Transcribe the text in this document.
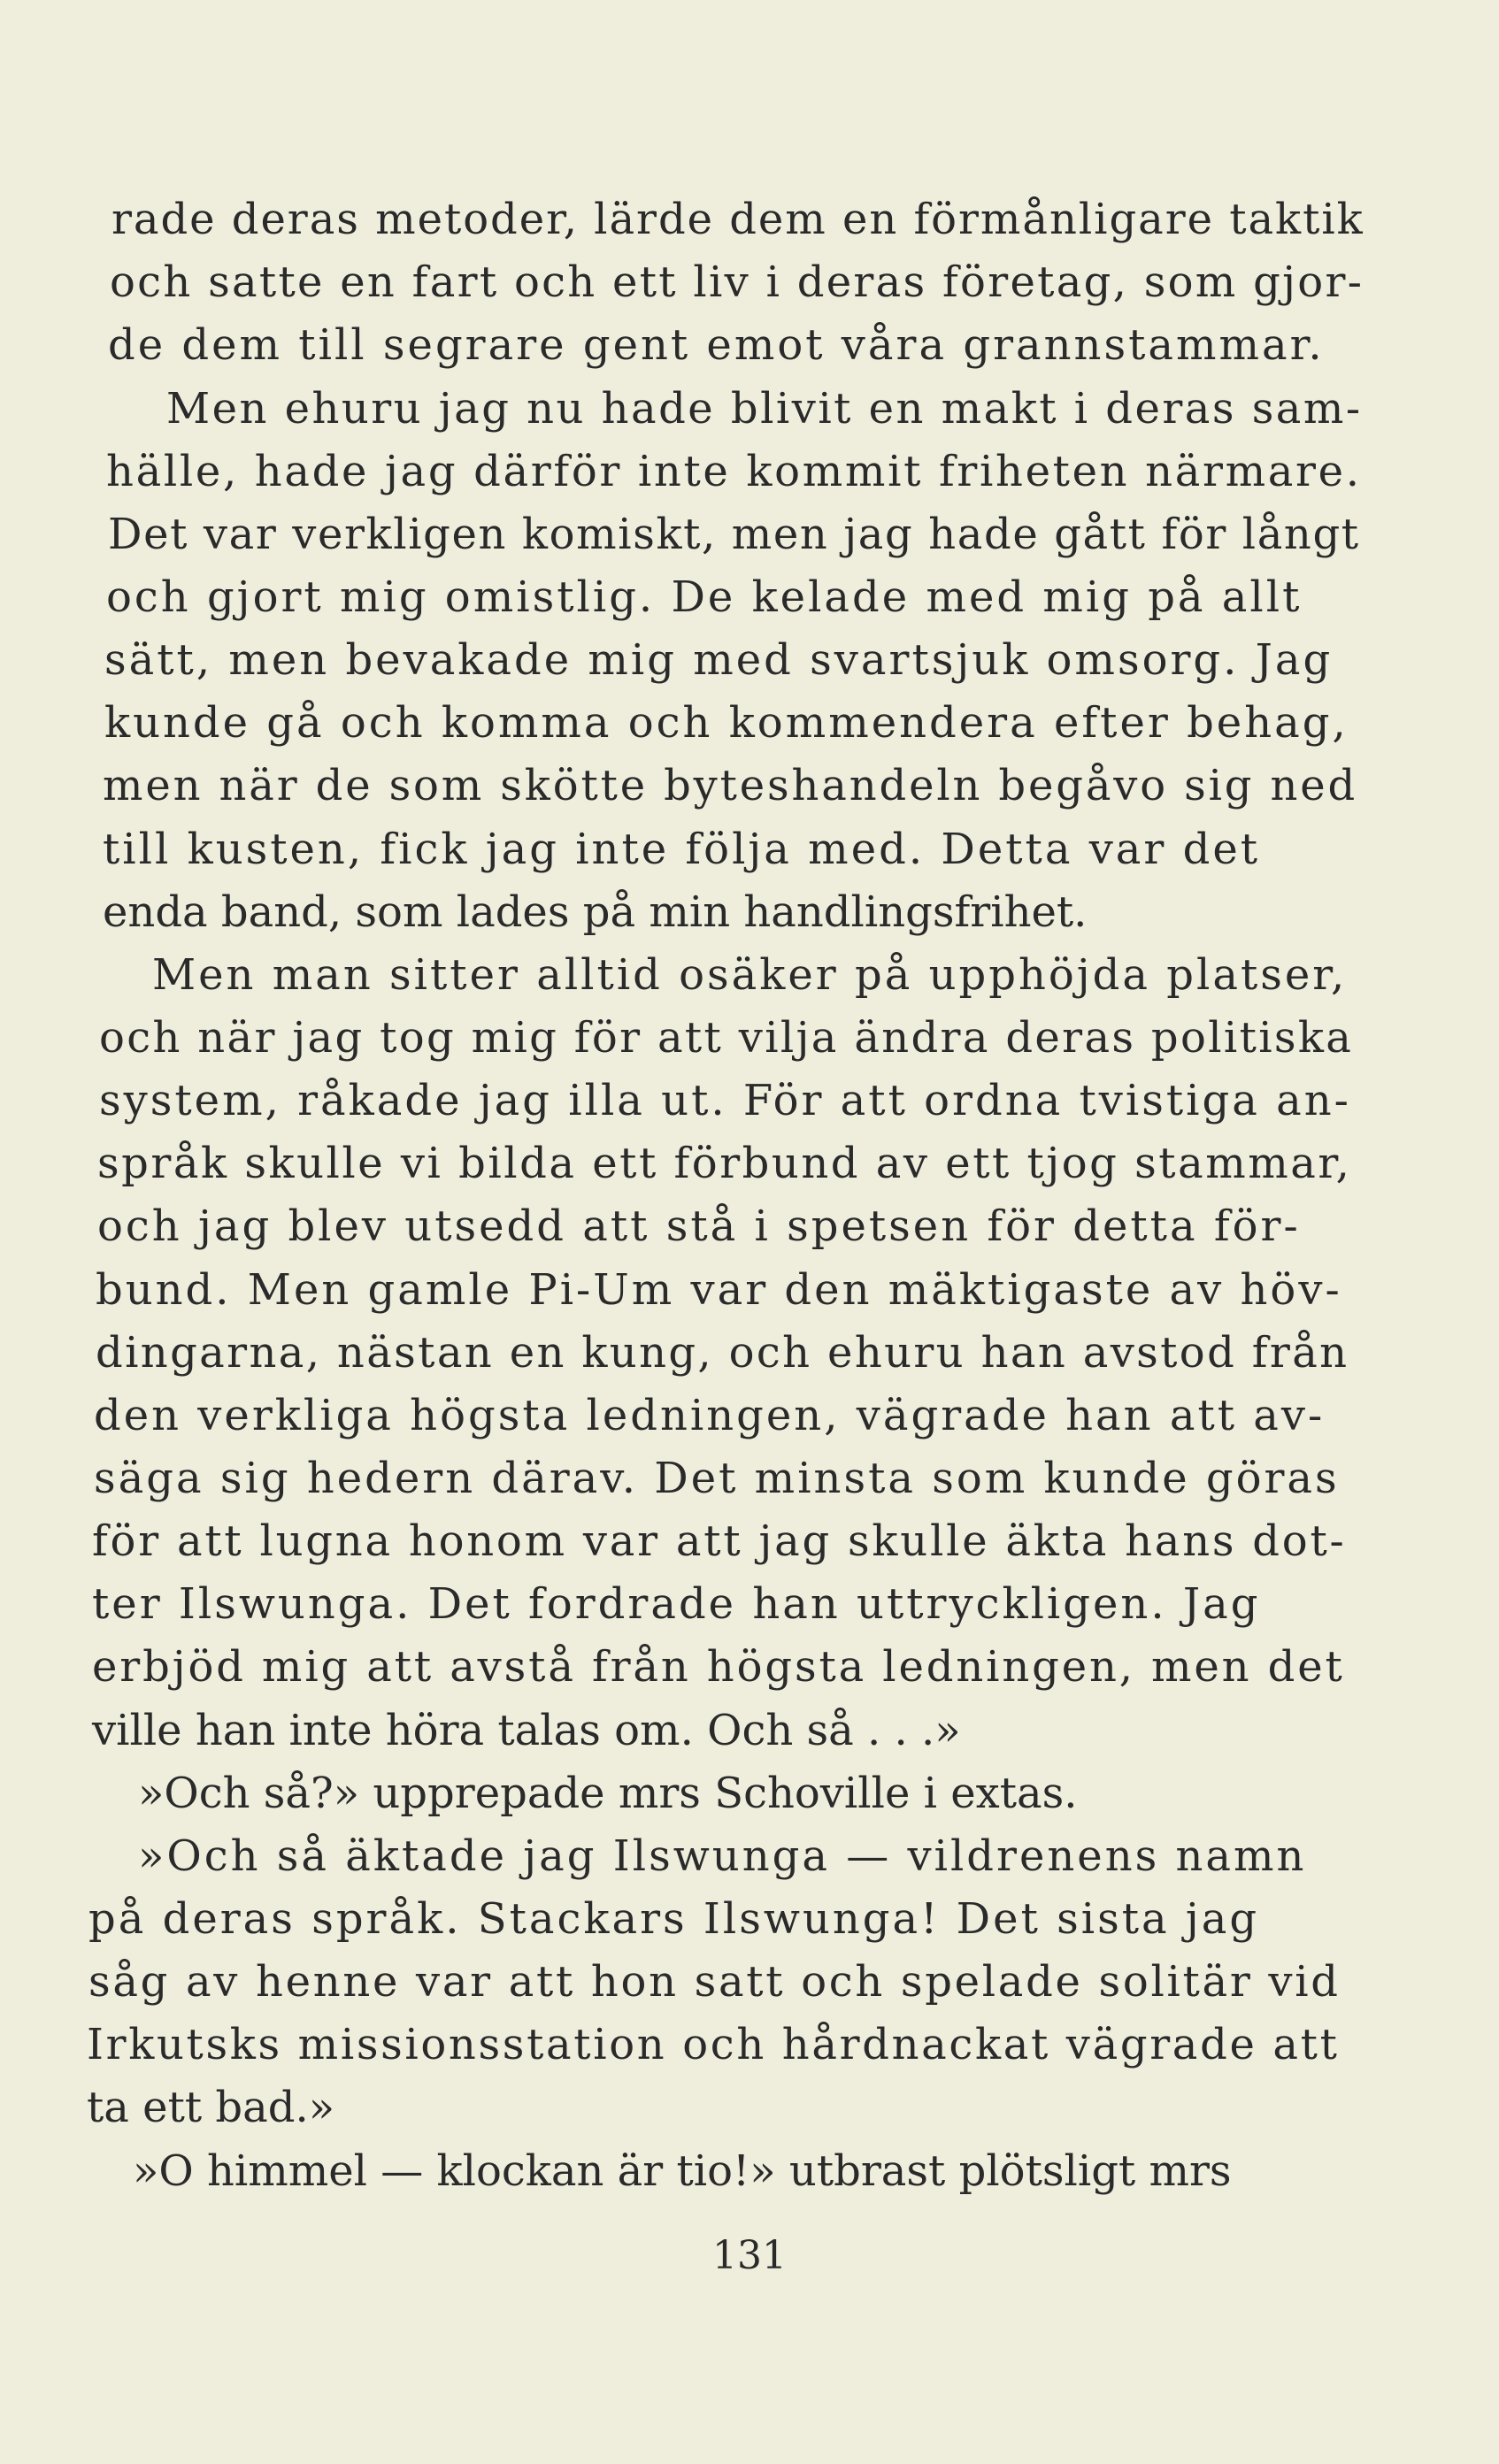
rade deras metoder, lärde dem en förmånligare taktik
och satte en fart och ett liv i deras företag, som gjor-
de dem till segrare gent emot våra grannstammar.
Men ehuru jag nu hade blivit en makt i deras sam-
hälle, hade jag därför inte kommit friheten närmare.
Det var verkligen komiskt, men jag hade gått för långt
och gjort mig omistlig. De kelade med mig på allt
sätt, men bevakade mig med svartsjuk omsorg. Jag
kunde gå och komma och kommendera efter behag,
men när de som skötte byteshandeln begåvo sig ned
till kusten, fick jag inte följa med. Detta var det
enda band, som lades på min handlingsfrihet.
Men man sitter alltid osäker på upphöjda platser,
och när jag tog mig för att vilja ändra deras politiska
system, råkade jag illa ut. För att ordna tvistiga an-
språk skulle vi bilda ett förbund av ett tjog stammar,
och jag blev utsedd att stå i spetsen för detta för-
bund. Men gamle Pi-Um var den mäktigaste av höv-
dingarna, nästan en kung, och ehuru han avstod från
den verkliga högsta ledningen, vägrade han att av-
säga sig hedern därav. Det minsta som kunde göras
för att lugna honom var att jag skulle äkta hans dot-
ter Ilswunga. Det fordrade han uttryckligen. Jag
erbjöd mig att avstå från högsta ledningen, men det
ville han inte höra talas om. Och så . . .»
»Och så?» upprepade mrs Schoville i extas.
»Och så äktade jag Ilswunga — vildrenens namn
på deras språk. Stackars Ilswunga! Det sista jag
såg av henne var att hon satt och spelade solitär vid
Irkutsks missionsstation och hårdnackat vägrade att
ta ett bad.»
»O himmel — klockan är tio!» utbrast plötsligt mrs
131
